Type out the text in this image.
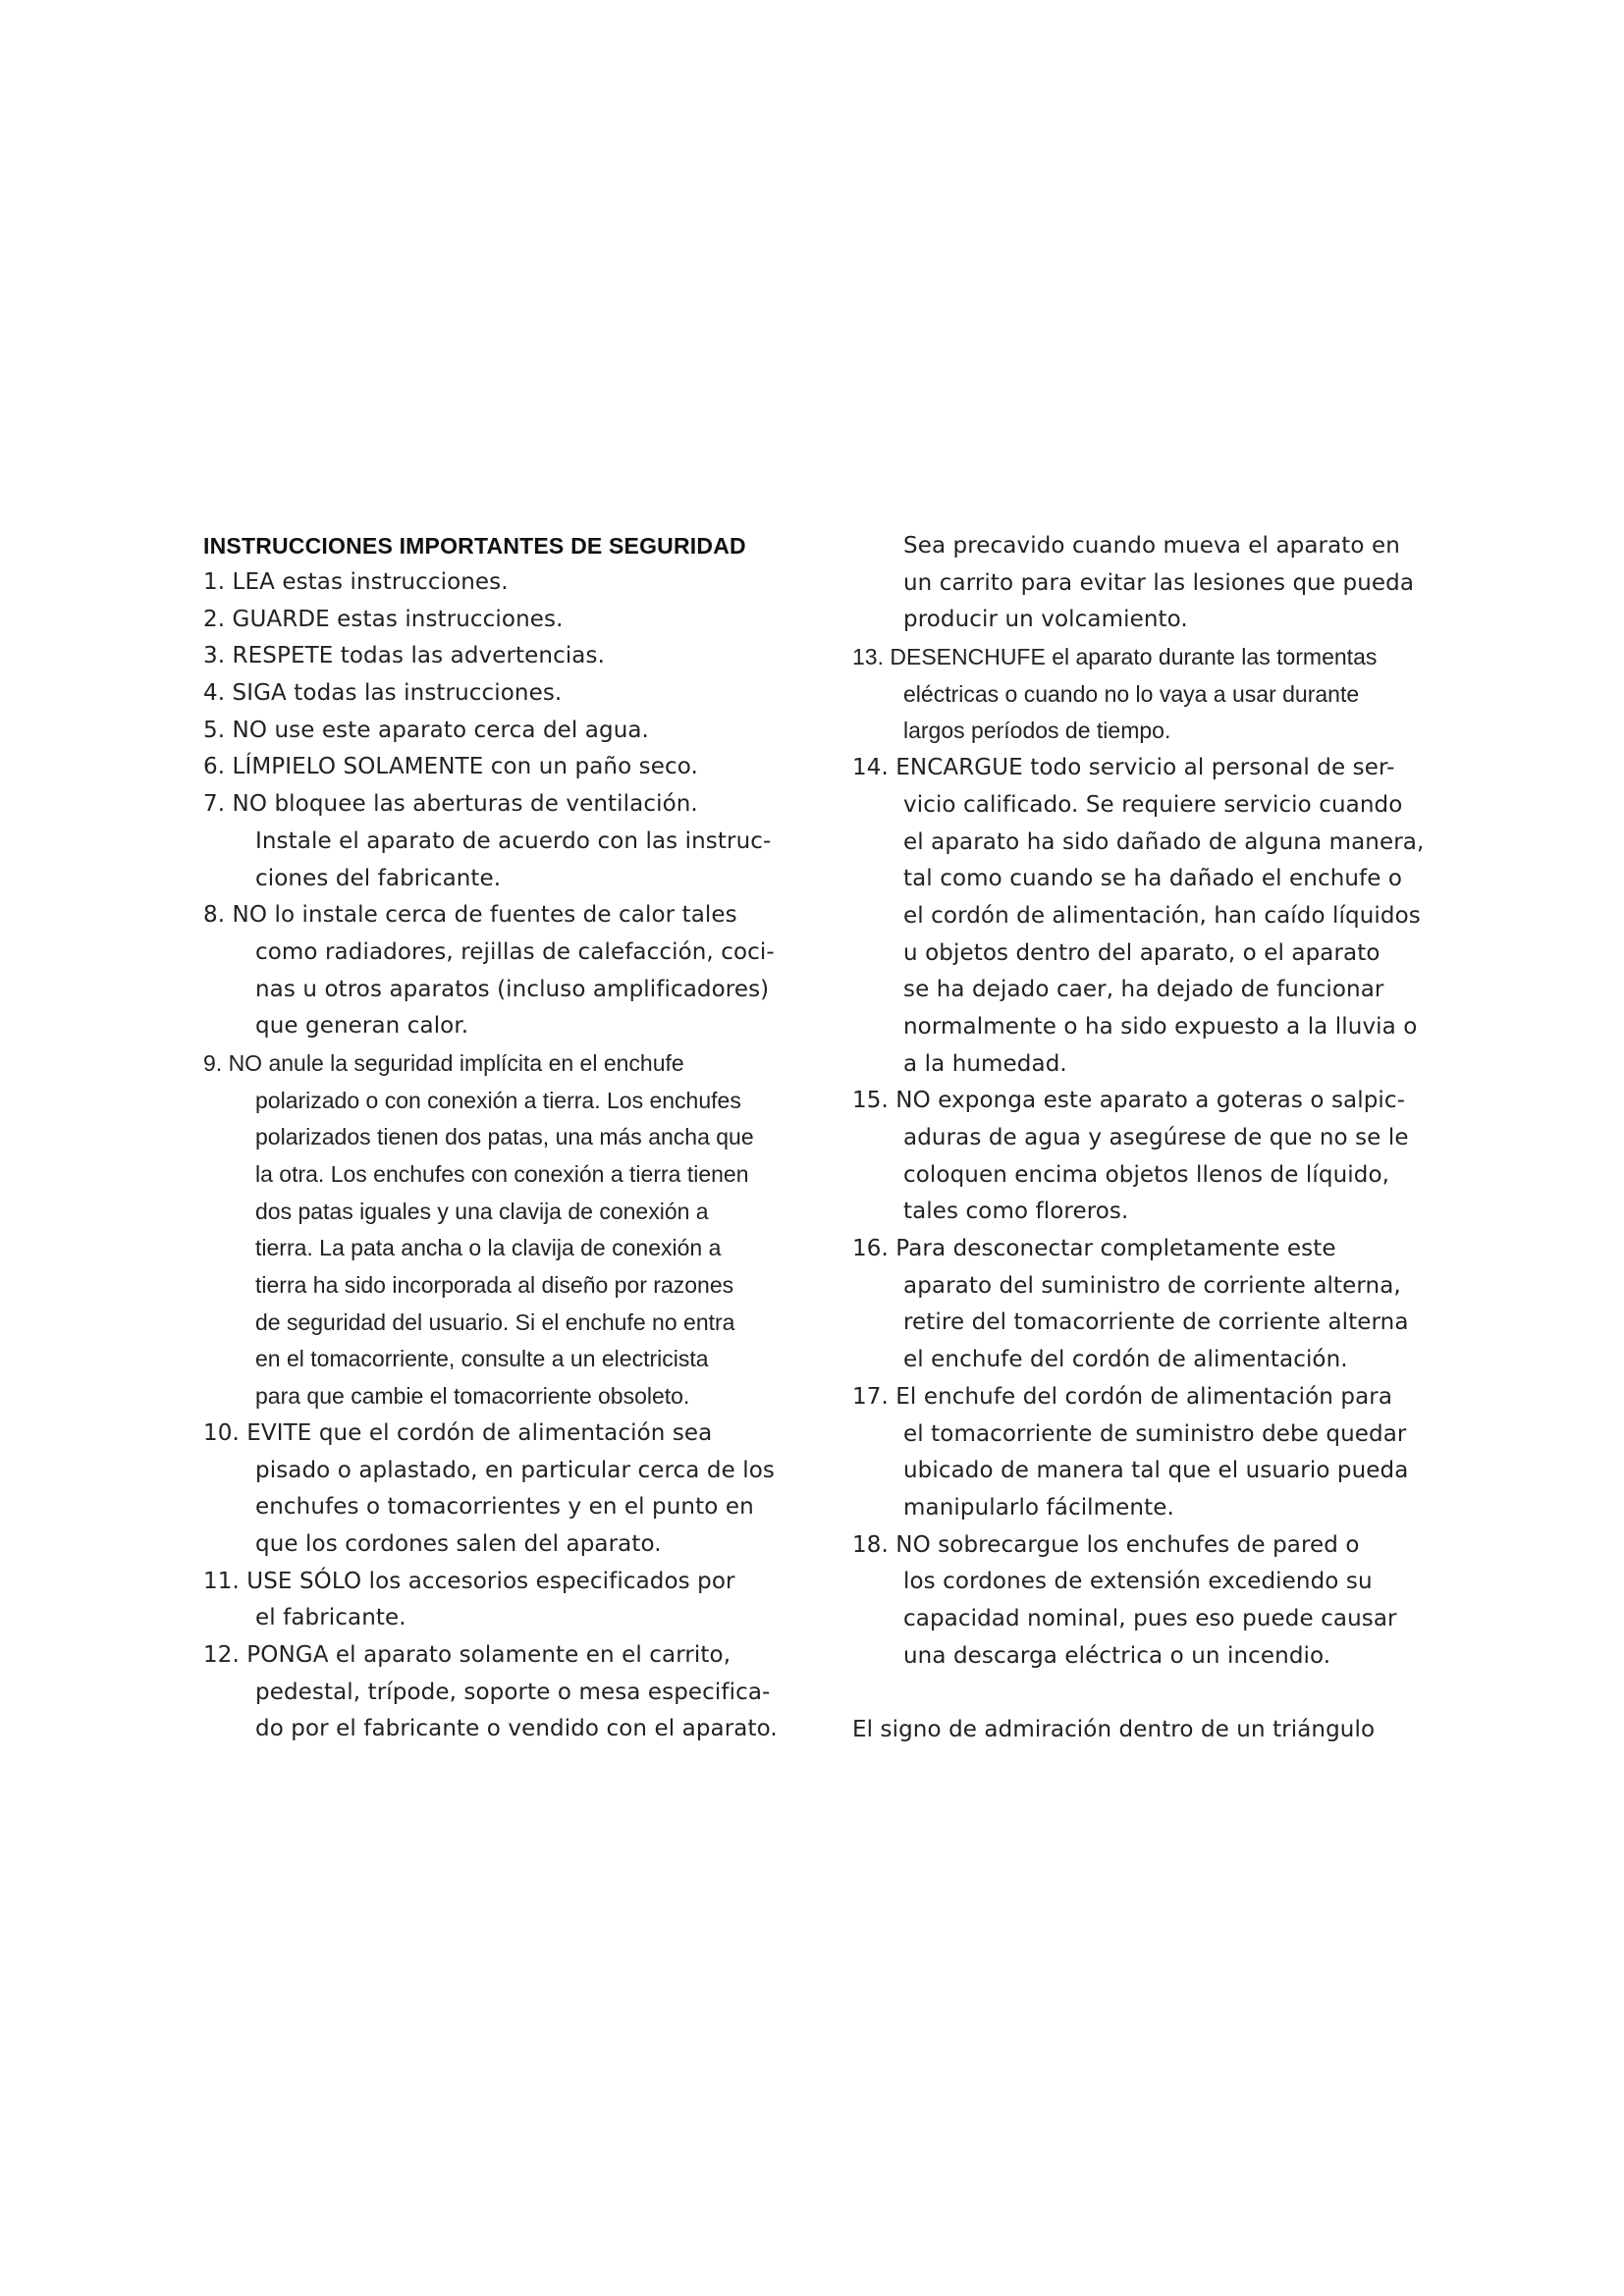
INSTRUCCIONES IMPORTANTES DE SEGURIDAD
1. LEA estas instrucciones.
2. GUARDE estas instrucciones.
3. RESPETE todas las advertencias.
4. SIGA todas las instrucciones.
5. NO use este aparato cerca del agua.
6. LÍMPIELO SOLAMENTE con un paño seco.
7. NO bloquee las aberturas de ventilación.
Instale el aparato de acuerdo con las instruc-
ciones del fabricante.
8. NO lo instale cerca de fuentes de calor tales
como radiadores, rejillas de calefacción, coci-
nas u otros aparatos (incluso amplificadores)
que generan calor.
9. NO anule la seguridad implícita en el enchufe
polarizado o con conexión a tierra. Los enchufes
polarizados tienen dos patas, una más ancha que
la otra. Los enchufes con conexión a tierra tienen
dos patas iguales y una clavija de conexión a
tierra. La pata ancha o la clavija de conexión a
tierra ha sido incorporada al diseño por razones
de seguridad del usuario. Si el enchufe no entra
en el tomacorriente, consulte a un electricista
para que cambie el tomacorriente obsoleto.
10. EVITE que el cordón de alimentación sea
pisado o aplastado, en particular cerca de los
enchufes o tomacorrientes y en el punto en
que los cordones salen del aparato.
11. USE SÓLO los accesorios especificados por
el fabricante.
12. PONGA el aparato solamente en el carrito,
pedestal, trípode, soporte o mesa especifica-
do por el fabricante o vendido con el aparato.
Sea precavido cuando mueva el aparato en
un carrito para evitar las lesiones que pueda
producir un volcamiento.
13. DESENCHUFE el aparato durante las tormentas
eléctricas o cuando no lo vaya a usar durante
largos períodos de tiempo.
14. ENCARGUE todo servicio al personal de ser-
vicio calificado. Se requiere servicio cuando
el aparato ha sido dañado de alguna manera,
tal como cuando se ha dañado el enchufe o
el cordón de alimentación, han caído líquidos
u objetos dentro del aparato, o el aparato
se ha dejado caer, ha dejado de funcionar
normalmente o ha sido expuesto a la lluvia o
a la humedad.
15. NO exponga este aparato a goteras o salpic-
aduras de agua y asegúrese de que no se le
coloquen encima objetos llenos de líquido,
tales como floreros.
16. Para desconectar completamente este
aparato del suministro de corriente alterna,
retire del tomacorriente de corriente alterna
el enchufe del cordón de alimentación.
17. El enchufe del cordón de alimentación para
el tomacorriente de suministro debe quedar
ubicado de manera tal que el usuario pueda
manipularlo fácilmente.
18. NO sobrecargue los enchufes de pared o
los cordones de extensión excediendo su
capacidad nominal, pues eso puede causar
una descarga eléctrica o un incendio.
El signo de admiración dentro de un triángulo
